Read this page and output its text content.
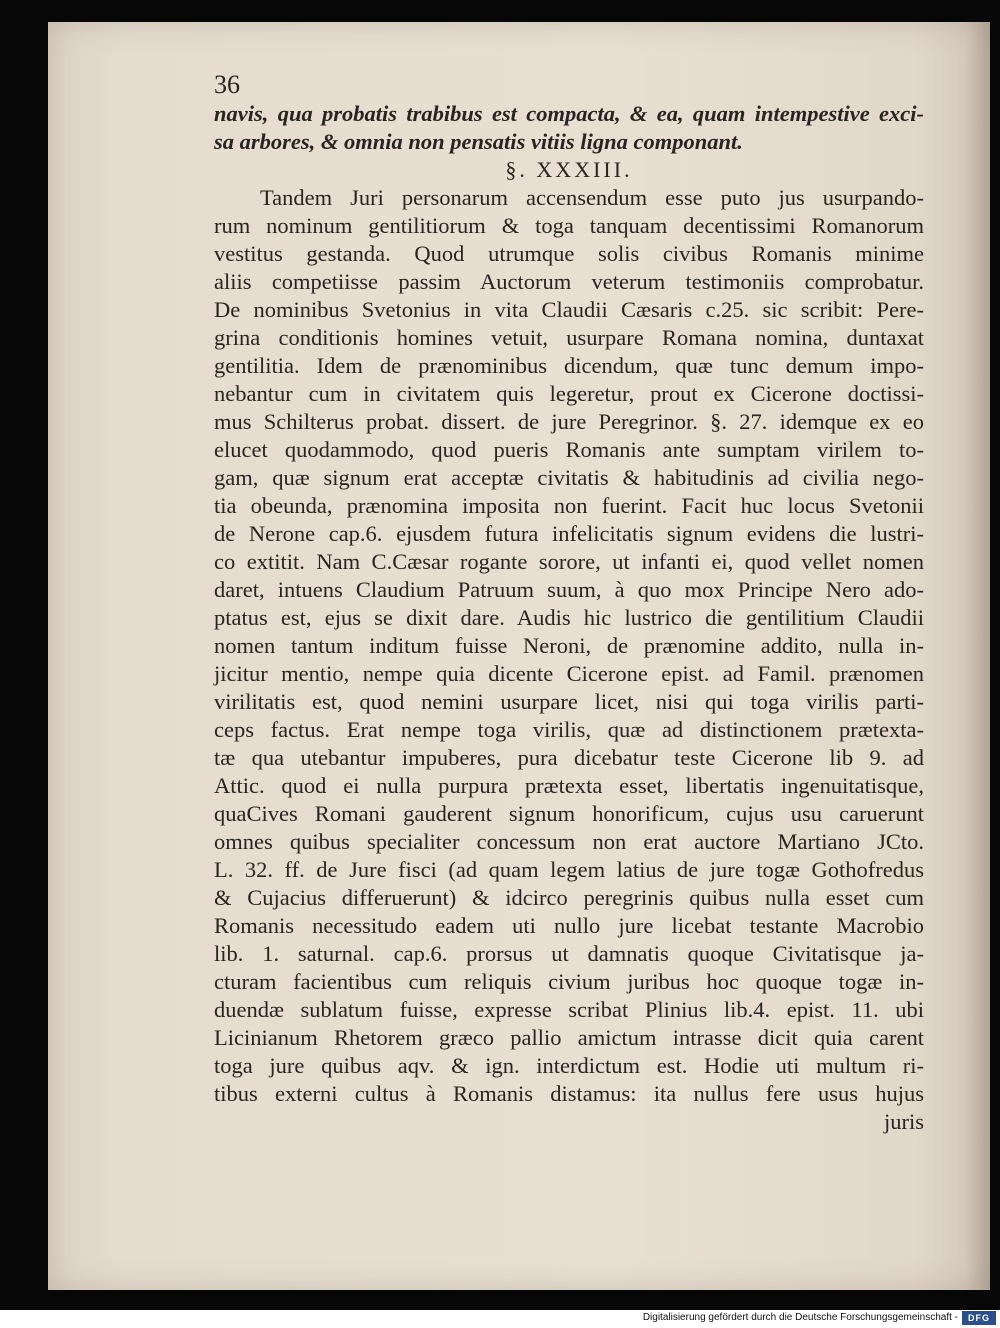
36
navis, qua probatis trabibus est compacta, & ea, quam intempestive exci-
sa arbores, & omnia non pensatis vitiis ligna componant.
§. XXXIII.
Tandem Juri personarum accensendum esse puto jus usurpando-
rum nominum gentilitiorum & toga tanquam decentissimi Romanorum
vestitus gestanda. Quod utrumque solis civibus Romanis minime
aliis competiisse passim Auctorum veterum testimoniis comprobatur.
De nominibus Svetonius in vita Claudii Cæsaris c.25. sic scribit: Pere-
grina conditionis homines vetuit, usurpare Romana nomina, duntaxat
gentilitia. Idem de prænominibus dicendum, quæ tunc demum impo-
nebantur cum in civitatem quis legeretur, prout ex Cicerone doctissi-
mus Schilterus probat. dissert. de jure Peregrinor. §. 27. idemque ex eo
elucet quodammodo, quod pueris Romanis ante sumptam virilem to-
gam, quæ signum erat acceptæ civitatis & habitudinis ad civilia nego-
tia obeunda, prænomina imposita non fuerint. Facit huc locus Svetonii
de Nerone cap.6. ejusdem futura infelicitatis signum evidens die lustri-
co extitit. Nam C.Cæsar rogante sorore, ut infanti ei, quod vellet nomen
daret, intuens Claudium Patruum suum, à quo mox Principe Nero ado-
ptatus est, ejus se dixit dare. Audis hic lustrico die gentilitium Claudii
nomen tantum inditum fuisse Neroni, de prænomine addito, nulla in-
jicitur mentio, nempe quia dicente Cicerone epist. ad Famil. prænomen
virilitatis est, quod nemini usurpare licet, nisi qui toga virilis parti-
ceps factus. Erat nempe toga virilis, quæ ad distinctionem prætexta-
tæ qua utebantur impuberes, pura dicebatur teste Cicerone lib 9. ad
Attic. quod ei nulla purpura prætexta esset, libertatis ingenuitatisque,
quaCives Romani gauderent signum honorificum, cujus usu caruerunt
omnes quibus specialiter concessum non erat auctore Martiano JCto.
L. 32. ff. de Jure fisci (ad quam legem latius de jure togæ Gothofredus
& Cujacius differuerunt) & idcirco peregrinis quibus nulla esset cum
Romanis necessitudo eadem uti nullo jure licebat testante Macrobio
lib. 1. saturnal. cap.6. prorsus ut damnatis quoque Civitatisque ja-
cturam facientibus cum reliquis civium juribus hoc quoque togæ in-
duendæ sublatum fuisse, expresse scribat Plinius lib.4. epist. 11. ubi
Licinianum Rhetorem græco pallio amictum intrasse dicit quia carent
toga jure quibus aqv. & ign. interdictum est. Hodie uti multum ri-
tibus externi cultus à Romanis distamus: ita nullus fere usus hujus
juris
Digitalisierung gefördert durch die Deutsche Forschungsgemeinschaft -	DFG
